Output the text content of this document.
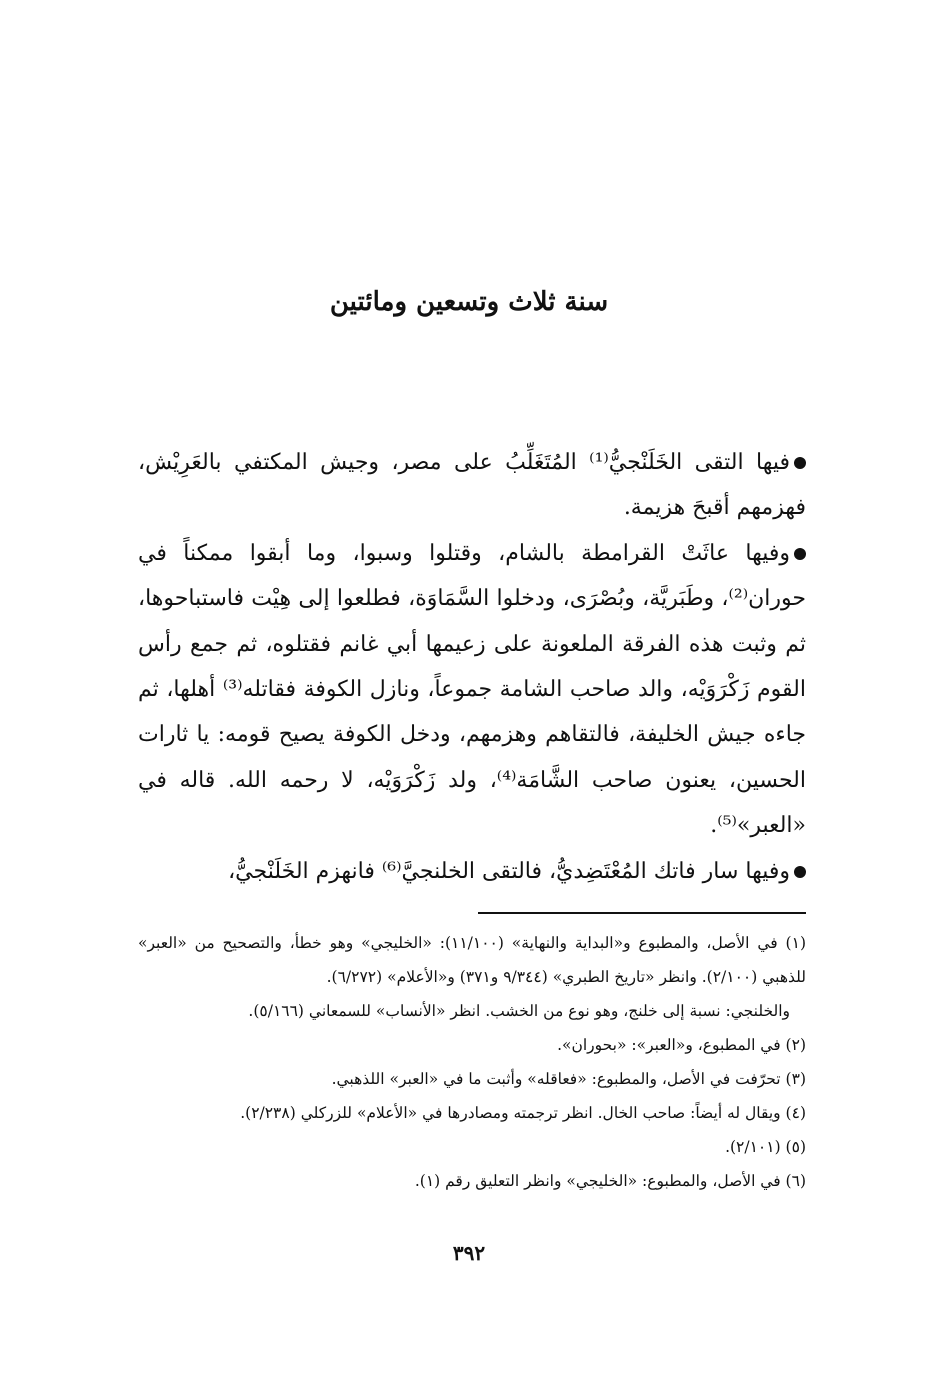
سنة ثلاث وتسعين ومائتين

فيها التقى الخَلَنْجيُّ⁽¹⁾ المُتَغَلِّبُ على مصر، وجيش المكتفي بالعَرِيْش، فهزمهم أقبحَ هزيمة.

وفيها عاثَتْ القرامطة بالشام، وقتلوا وسبوا، وما أبقوا ممكناً في حوران⁽²⁾، وطَبَريَّة، وبُصْرَى، ودخلوا السَّمَاوَة، فطلعوا إلى هِيْت فاستباحوها، ثم وثبت هذه الفرقة الملعونة على زعيمها أبي غانم فقتلوه، ثم جمع رأس القوم زَكْرَوَيْه، والد صاحب الشامة جموعاً، ونازل الكوفة فقاتله⁽³⁾ أهلها، ثم جاءه جيش الخليفة، فالتقاهم وهزمهم، ودخل الكوفة يصيح قومه: يا ثارات الحسين، يعنون صاحب الشَّامَة⁽⁴⁾، ولد زَكْرَوَيْه، لا رحمه الله. قاله في «العبر»⁽⁵⁾.

وفيها سار فاتك المُعْتَضِديُّ، فالتقى الخلنجيَّ⁽⁶⁾ فانهزم الخَلَنْجيُّ،

(١) في الأصل، والمطبوع و«البداية والنهاية» (١١/١٠٠): «الخليجي» وهو خطأ، والتصحيح من «العبر» للذهبي (٢/١٠٠). وانظر «تاريخ الطبري» (٩/٣٤٤ و٣٧١) و«الأعلام» (٦/٢٧٢).

والخلنجي: نسبة إلى خلنج، وهو نوع من الخشب. انظر «الأنساب» للسمعاني (٥/١٦٦).

(٢) في المطبوع، و«العبر»: «بحوران».

(٣) تحرّفت في الأصل، والمطبوع: «فعاقله» وأثبت ما في «العبر» اللذهبي.

(٤) ويقال له أيضاً: صاحب الخال. انظر ترجمته ومصادرها في «الأعلام» للزركلي (٢/٢٣٨).

(٥) (٢/١٠١).

(٦) في الأصل، والمطبوع: «الخليجي» وانظر التعليق رقم (١).

٣٩٢
